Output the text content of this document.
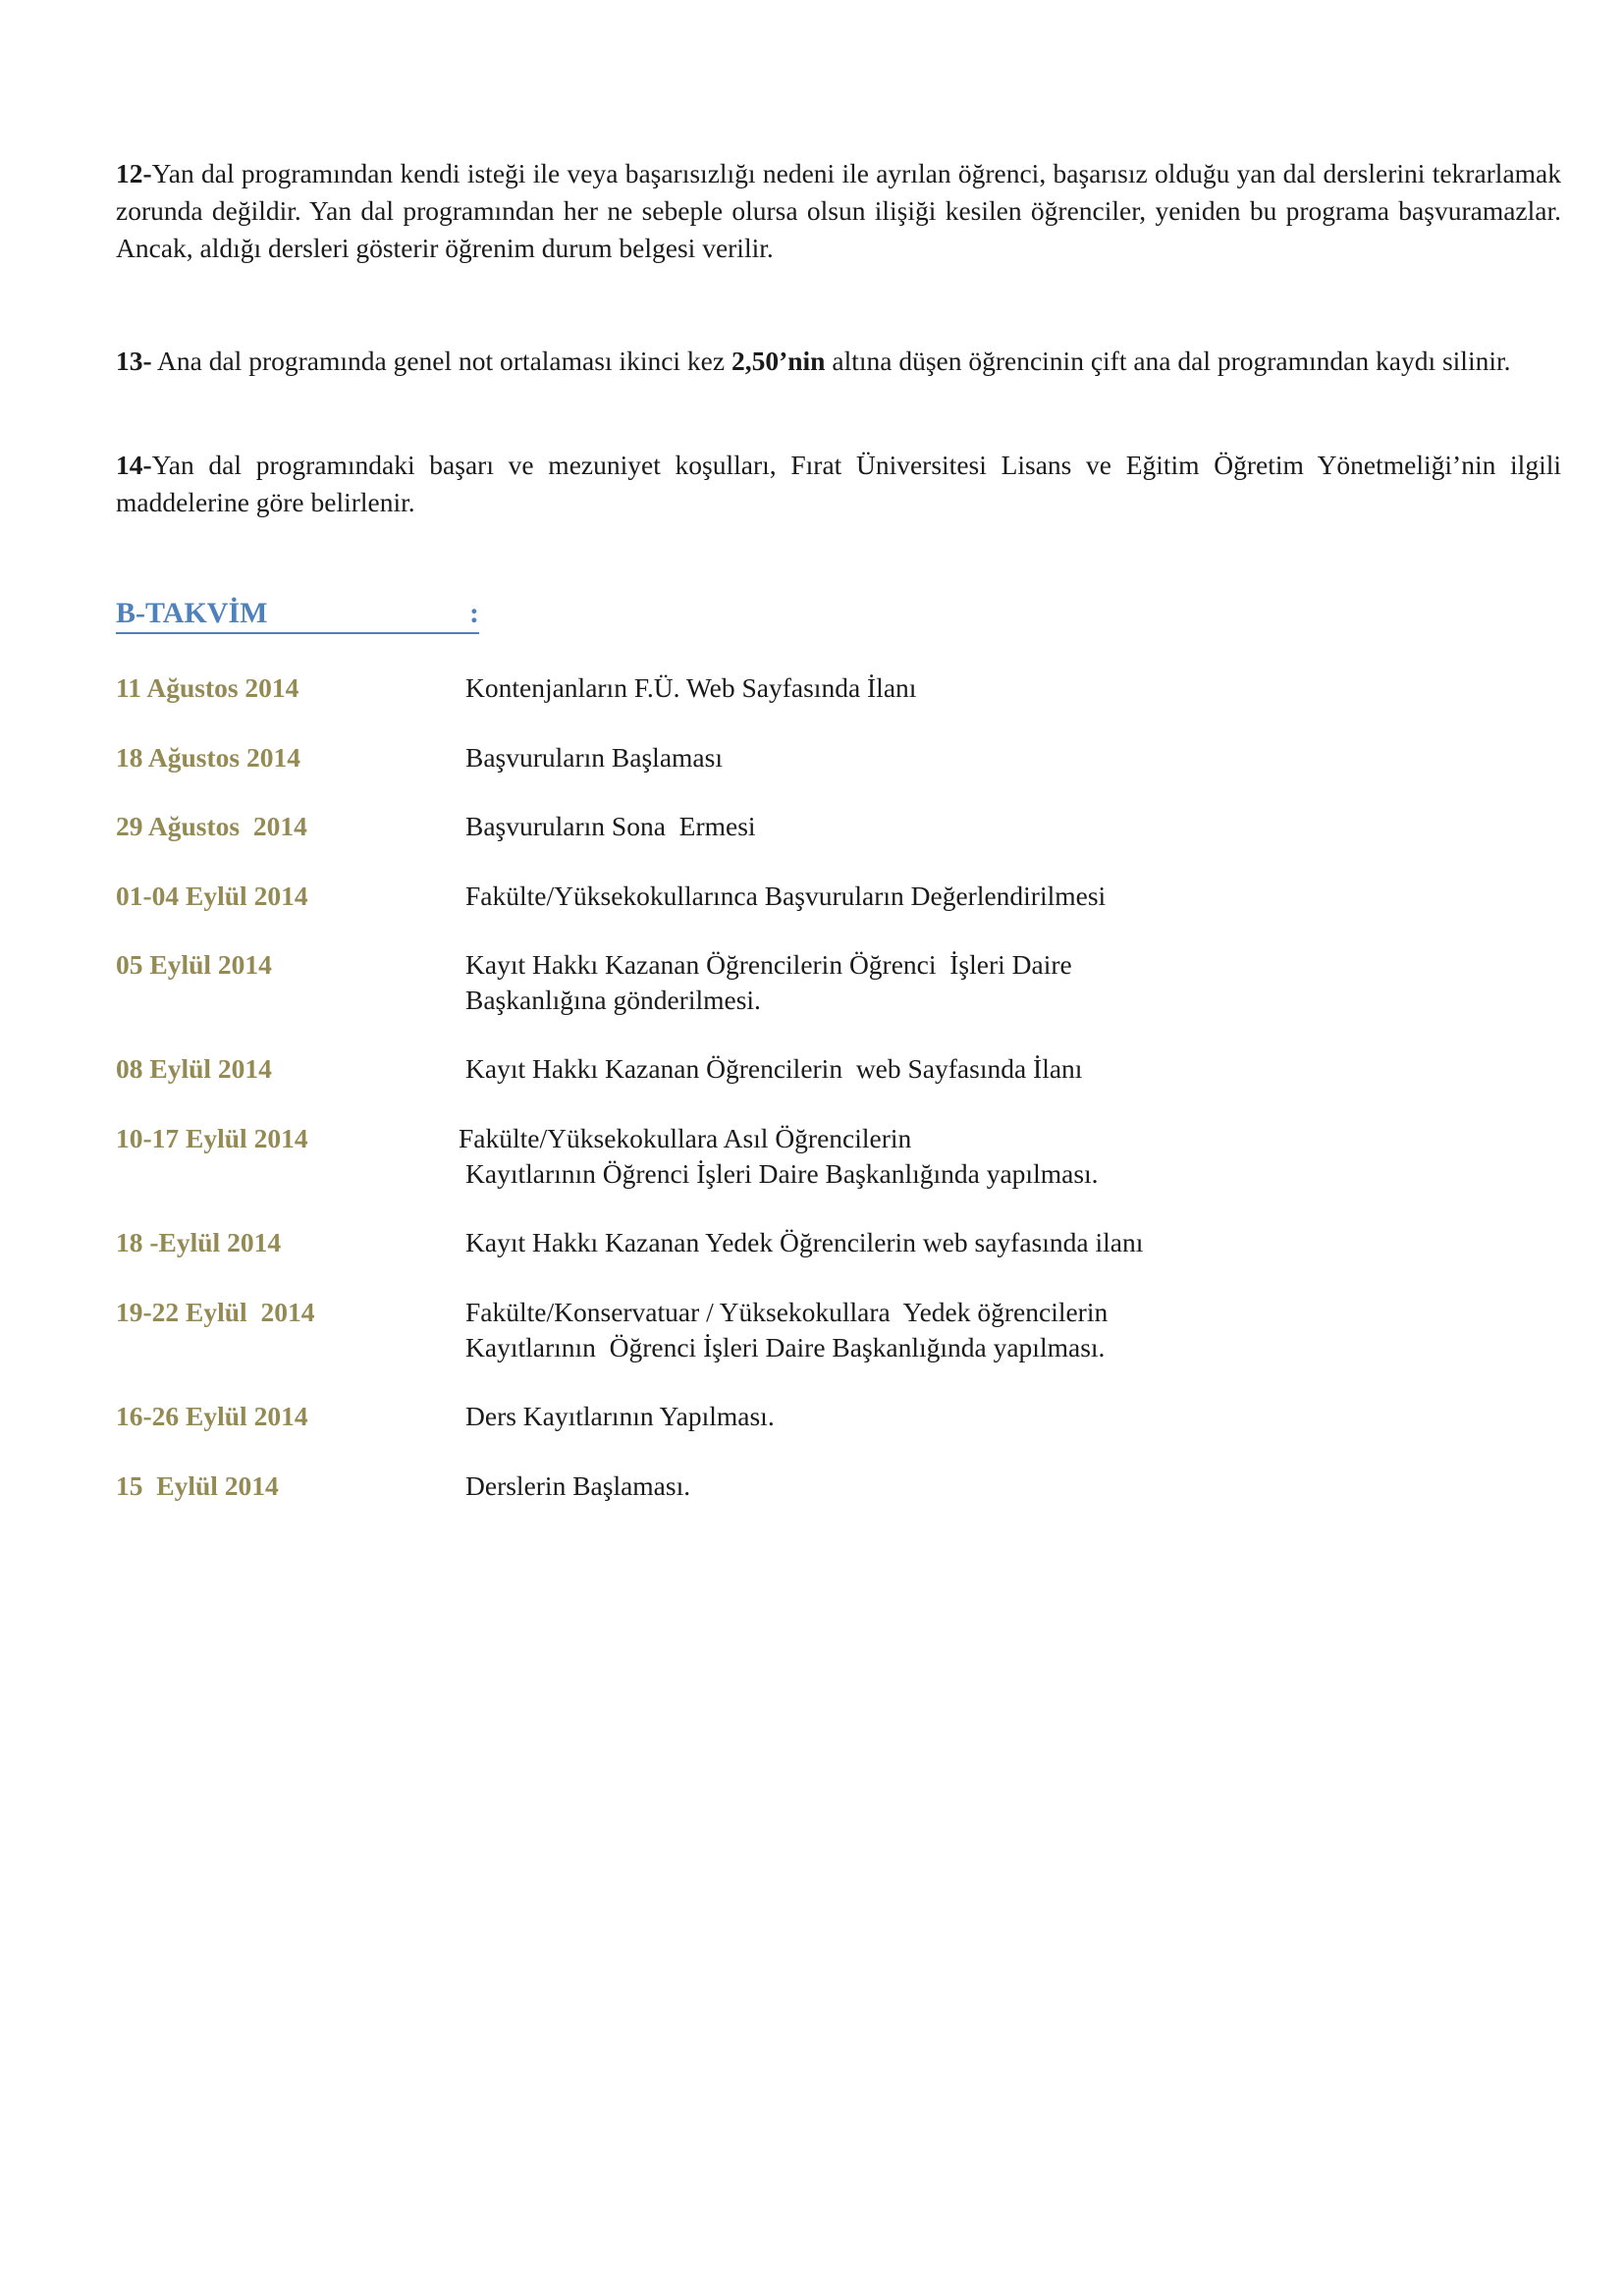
12-Yan dal programından kendi isteği ile veya başarısızlığı nedeni ile ayrılan öğrenci, başarısız olduğu yan dal derslerini tekrarlamak zorunda değildir. Yan dal programından her ne sebeple olursa olsun ilişiği kesilen öğrenciler, yeniden bu programa başvuramazlar. Ancak, aldığı dersleri gösterir öğrenim durum belgesi verilir.

13- Ana dal programında genel not ortalaması ikinci kez 2,50’nin altına düşen öğrencinin çift ana dal programından kaydı silinir.

14-Yan dal programındaki başarı ve mezuniyet koşulları, Fırat Üniversitesi Lisans ve Eğitim Öğretim Yönetmeliği’nin ilgili maddelerine göre belirlenir.

B-TAKVİM	:
11 Ağustos 2014	Kontenjanların F.Ü. Web Sayfasında İlanı
18 Ağustos 2014	Başvuruların Başlaması
29 Ağustos  2014	Başvuruların Sona  Ermesi
01-04 Eylül 2014	Fakülte/Yüksekokullarınca Başvuruların Değerlendirilmesi
05 Eylül 2014	Kayıt Hakkı Kazanan Öğrencilerin Öğrenci  İşleri Daire
Başkanlığına gönderilmesi.
08 Eylül 2014	Kayıt Hakkı Kazanan Öğrencilerin  web Sayfasında İlanı
10-17 Eylül 2014	Fakülte/Yüksekokullara Asıl Öğrencilerin
Kayıtlarının Öğrenci İşleri Daire Başkanlığında yapılması.
18 -Eylül 2014	Kayıt Hakkı Kazanan Yedek Öğrencilerin web sayfasında ilanı
19-22 Eylül  2014	Fakülte/Konservatuar / Yüksekokullara  Yedek öğrencilerin
Kayıtlarının  Öğrenci İşleri Daire Başkanlığında yapılması.
16-26 Eylül 2014	Ders Kayıtlarının Yapılması.
15  Eylül 2014	Derslerin Başlaması.
